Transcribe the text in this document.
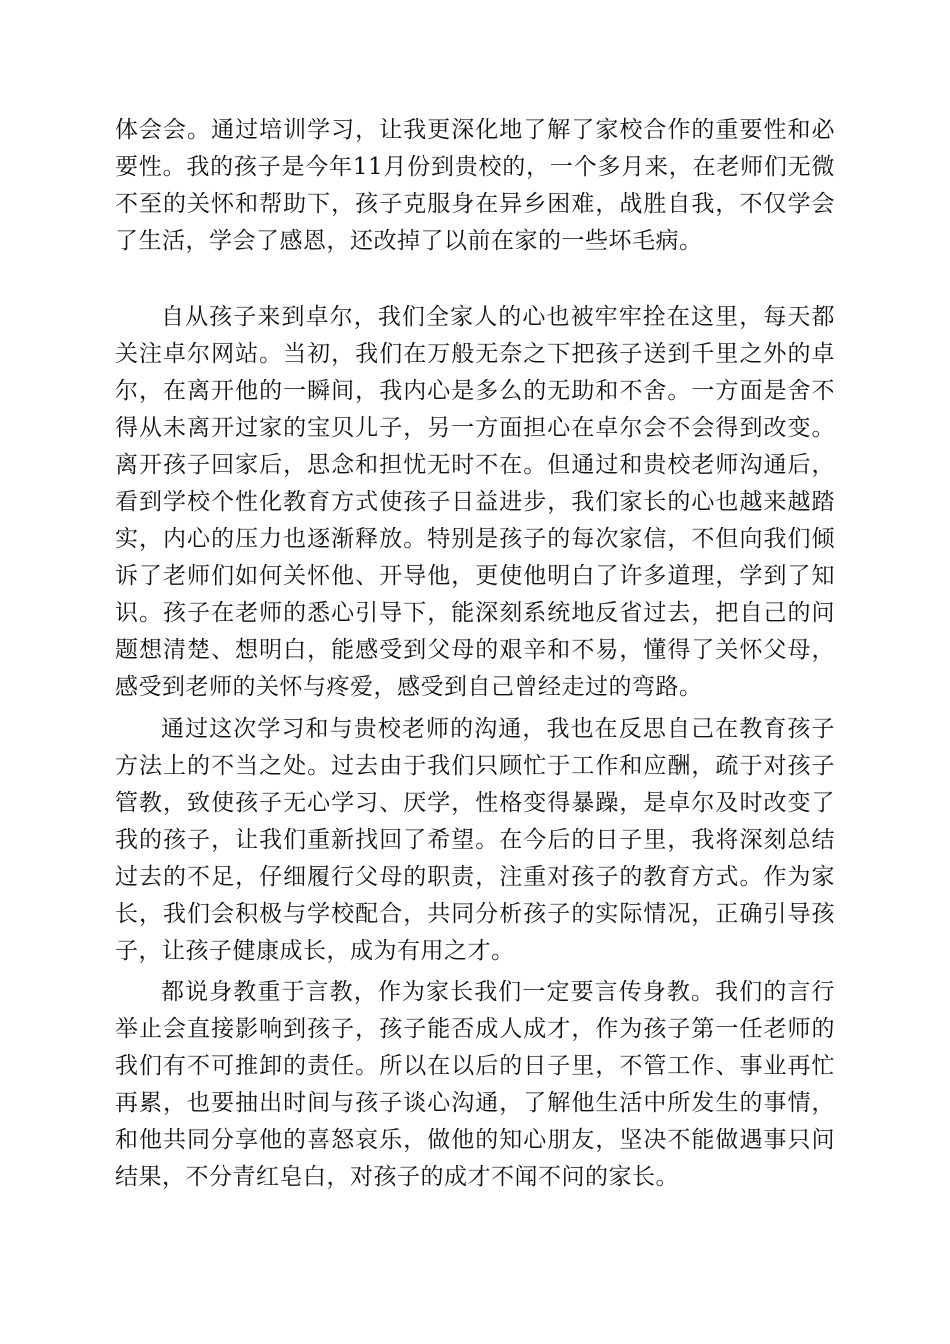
体会会。通过培训学习，让我更深化地了解了家校合作的重要性和必要性。我的孩子是今年11月份到贵校的，一个多月来，在老师们无微不至的关怀和帮助下，孩子克服身在异乡困难，战胜自我，不仅学会了生活，学会了感恩，还改掉了以前在家的一些坏毛病。

自从孩子来到卓尔，我们全家人的心也被牢牢拴在这里，每天都关注卓尔网站。当初，我们在万般无奈之下把孩子送到千里之外的卓尔，在离开他的一瞬间，我内心是多么的无助和不舍。一方面是舍不得从未离开过家的宝贝儿子，另一方面担心在卓尔会不会得到改变。离开孩子回家后，思念和担忧无时不在。但通过和贵校老师沟通后，看到学校个性化教育方式使孩子日益进步，我们家长的心也越来越踏实，内心的压力也逐渐释放。特别是孩子的每次家信，不但向我们倾诉了老师们如何关怀他、开导他，更使他明白了许多道理，学到了知识。孩子在老师的悉心引导下，能深刻系统地反省过去，把自己的问题想清楚、想明白，能感受到父母的艰辛和不易，懂得了关怀父母，感受到老师的关怀与疼爱，感受到自己曾经走过的弯路。

通过这次学习和与贵校老师的沟通，我也在反思自己在教育孩子方法上的不当之处。过去由于我们只顾忙于工作和应酬，疏于对孩子管教，致使孩子无心学习、厌学，性格变得暴躁，是卓尔及时改变了我的孩子，让我们重新找回了希望。在今后的日子里，我将深刻总结过去的不足，仔细履行父母的职责，注重对孩子的教育方式。作为家长，我们会积极与学校配合，共同分析孩子的实际情况，正确引导孩子，让孩子健康成长，成为有用之才。

都说身教重于言教，作为家长我们一定要言传身教。我们的言行举止会直接影响到孩子，孩子能否成人成才，作为孩子第一任老师的我们有不可推卸的责任。所以在以后的日子里，不管工作、事业再忙再累，也要抽出时间与孩子谈心沟通，了解他生活中所发生的事情，和他共同分享他的喜怒哀乐，做他的知心朋友，坚决不能做遇事只问结果，不分青红皂白，对孩子的成才不闻不问的家长。
